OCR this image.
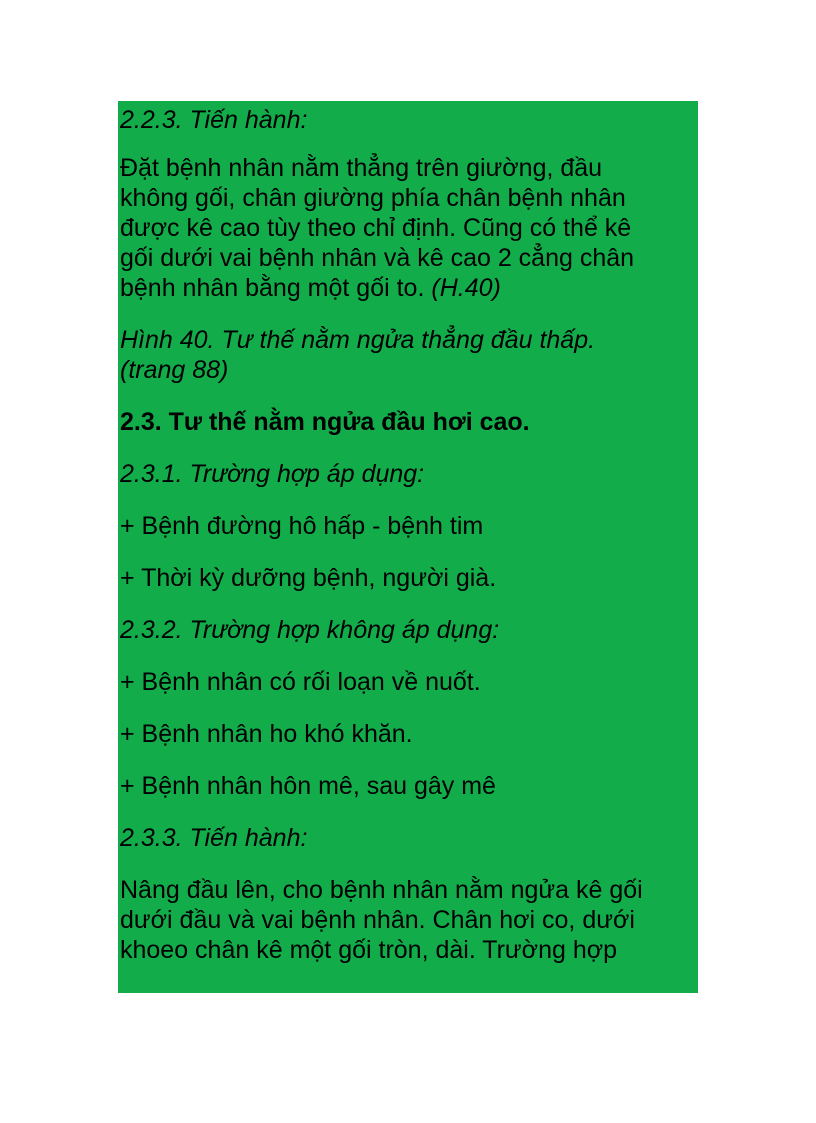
2.2.3. Tiến hành:
Đặt bệnh nhân nằm thẳng trên giường, đầu
không gối, chân giường phía chân bệnh nhân
được kê cao tùy theo chỉ định. Cũng có thể kê
gối dưới vai bệnh nhân và kê cao 2 cẳng chân
bệnh nhân bằng một gối to. (H.40)
Hình 40. Tư thế nằm ngửa thẳng đầu thấp.
(trang 88)
2.3. Tư thế nằm ngửa đầu hơi cao.
2.3.1. Trường hợp áp dụng:
+ Bệnh đường hô hấp - bệnh tim
+ Thời kỳ dưỡng bệnh, người già.
2.3.2. Trường hợp không áp dụng:
+ Bệnh nhân có rối loạn về nuốt.
+ Bệnh nhân ho khó khăn.
+ Bệnh nhân hôn mê, sau gây mê
2.3.3. Tiến hành:
Nâng đầu lên, cho bệnh nhân nằm ngửa kê gối
dưới đầu và vai bệnh nhân. Chân hơi co, dưới
khoeo chân kê một gối tròn, dài. Trường hợp
